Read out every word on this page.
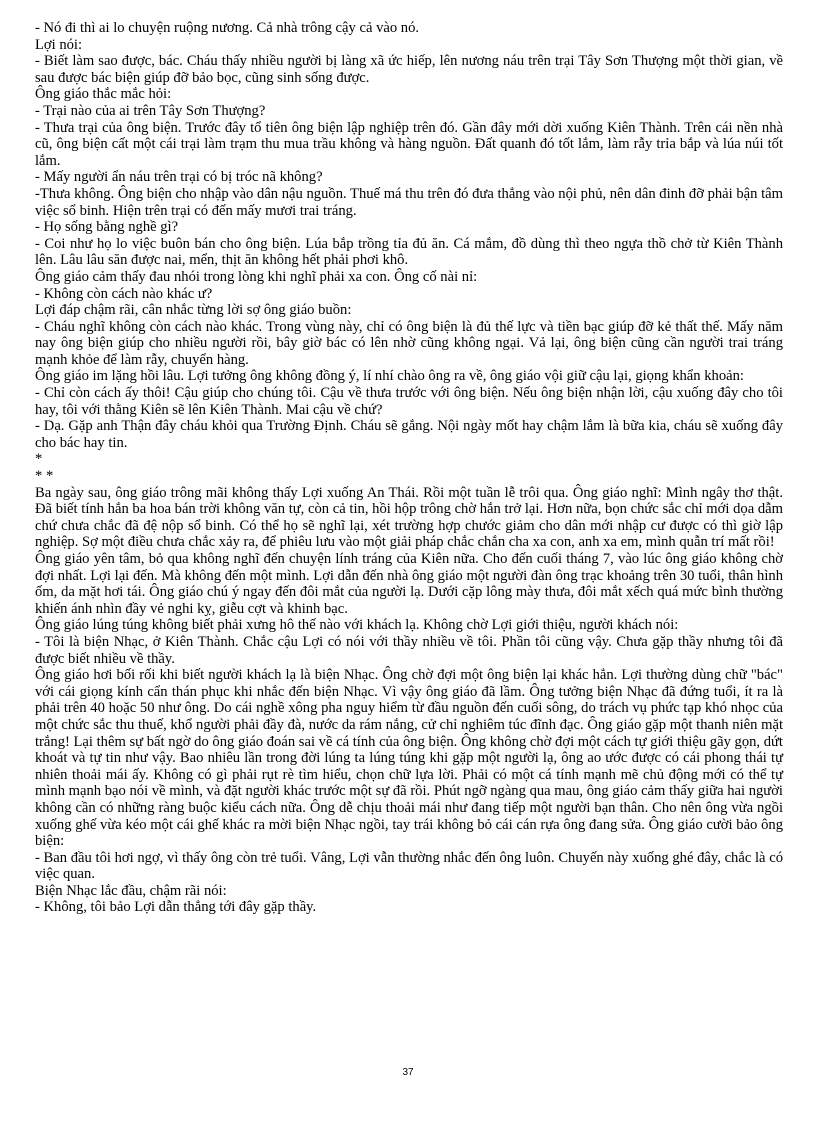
- Nó đi thì ai lo chuyện ruộng nương. Cả nhà trông cậy cả vào nó.

Lợi nói:

- Biết làm sao được, bác. Cháu thấy nhiều người bị làng xã ức hiếp, lên nương náu trên trại Tây Sơn Thượng một thời gian, về sau được bác biện giúp đỡ bảo bọc, cũng sinh sống được.

Ông giáo thắc mắc hỏi:

- Trại nào của ai trên Tây Sơn Thượng?

- Thưa trại của ông biện. Trước đây tổ tiên ông biện lập nghiệp trên đó. Gần đây mới dời xuống Kiên Thành. Trên cái nền nhà cũ, ông biện cất một cái trại làm trạm thu mua trầu không và hàng nguồn. Đất quanh đó tốt lắm, làm rẫy trỉa bắp và lúa núi tốt lắm.

- Mấy người ẩn náu trên trại có bị tróc nã không?

-Thưa không. Ông biện cho nhập vào dân nậu nguồn. Thuế má thu trên đó đưa thẳng vào nội phủ, nên dân đinh đỡ phải bận tâm việc sổ binh. Hiện trên trại có đến mấy mươi trai tráng.

- Họ sống bằng nghề gì?

- Coi như họ lo việc buôn bán cho ông biện. Lúa bắp trồng tỉa đủ ăn. Cá mắm, đồ dùng thì theo ngựa thồ chở từ Kiên Thành lên. Lâu lâu săn được nai, mển, thịt ăn không hết phải phơi khô.

Ông giáo cảm thấy đau nhói trong lòng khi nghĩ phải xa con. Ông cố nài nỉ:

- Không còn cách nào khác ư?

Lợi đáp chậm rãi, cân nhắc từng lời sợ ông giáo buồn:

- Cháu nghĩ không còn cách nào khác. Trong vùng này, chỉ có ông biện là đủ thế lực và tiền bạc giúp đỡ kẻ thất thế. Mấy năm nay ông biện giúp cho nhiều người rồi, bây giờ bác có lên nhờ cũng không ngại. Vả lại, ông biện cũng cần người trai tráng mạnh khỏe để làm rẫy, chuyển hàng.

Ông giáo im lặng hồi lâu. Lợi tưởng ông không đồng ý, lí nhí chào ông ra về, ông giáo vội giữ cậu lại, giọng khẩn khoản:

- Chỉ còn cách ấy thôi! Cậu giúp cho chúng tôi. Cậu về thưa trước với ông biện. Nếu ông biện nhận lời, cậu xuống đây cho tôi hay, tôi với thằng Kiên sẽ lên Kiên Thành. Mai cậu về chứ?

- Dạ. Gặp anh Thận đây cháu khỏi qua Trường Định. Cháu sẽ gắng. Nội ngày mốt hay chậm lắm là bữa kia, cháu sẽ xuống đây cho bác hay tin.

*

* *

Ba ngày sau, ông giáo trông mãi không thấy Lợi xuống An Thái. Rồi một tuần lễ trôi qua. Ông giáo nghĩ: Mình ngây thơ thật. Đã biết tính hắn ba hoa bán trời không văn tự, còn cả tin, hồi hộp trông chờ hắn trở lại. Hơn nữa, bọn chức sắc chỉ mới dọa dẫm chứ chưa chắc đã đệ nộp sổ binh. Có thể họ sẽ nghĩ lại, xét trường hợp chước giảm cho dân mới nhập cư được có thì giờ lập nghiệp. Sợ một điều chưa chắc xảy ra, để phiêu lưu vào một giải pháp chắc chắn cha xa con, anh xa em, mình quẫn trí mất rồi!

Ông giáo yên tâm, bỏ qua không nghĩ đến chuyện lính tráng của Kiên nữa. Cho đến cuối tháng 7, vào lúc ông giáo không chờ đợi nhất. Lợi lại đến. Mà không đến một mình. Lợi dẫn đến nhà ông giáo một người đàn ông trạc khoảng trên 30 tuổi, thân hình ốm, da mặt hơi tái. Ông giáo chú ý ngay đến đôi mắt của người lạ. Dưới cặp lông mày thưa, đôi mắt xếch quá mức bình thường khiến ánh nhìn đầy vẻ nghi kỵ, giễu cợt và khinh bạc.

Ông giáo lúng túng không biết phải xưng hô thế nào với khách lạ. Không chờ Lợi giới thiệu, người khách nói:

- Tôi là biện Nhạc, ở Kiên Thành. Chắc cậu Lợi có nói với thầy nhiều về tôi. Phần tôi cũng vậy. Chưa gặp thầy nhưng tôi đã được biết nhiều về thầy.

Ông giáo hơi bối rối khi biết người khách lạ là biện Nhạc. Ông chờ đợi một ông biện lại khác hẳn. Lợi thường dùng chữ "bác" với cái giọng kính cẩn thán phục khi nhắc đến biện Nhạc. Vì vậy ông giáo đã lầm. Ông tưởng biện Nhạc đã đứng tuổi, ít ra là phải trên 40 hoặc 50 như ông. Do cái nghề xông pha nguy hiểm từ đầu nguồn đến cuối sông, do trách vụ phức tạp khó nhọc của một chức sắc thu thuế, khổ người phải đầy đà, nước da rám nắng, cử chỉ nghiêm túc đĩnh đạc. Ông giáo gặp một thanh niên mặt trắng! Lại thêm sự bất ngờ do ông giáo đoán sai về cá tính của ông biện. Ông không chờ đợi một cách tự giới thiệu gãy gọn, dứt khoát và tự tin như vậy. Bao nhiêu lần trong đời lúng ta lúng túng khi gặp một người lạ, ông ao ước được có cái phong thái tự nhiên thoải mái ấy. Không có gì phải rụt rè tìm hiểu, chọn chữ lựa lời. Phải có một cá tính mạnh mẽ chủ động mới có thể tự mình mạnh bạo nói về mình, và đặt người khác trước một sự đã rồi. Phút ngỡ ngàng qua mau, ông giáo cảm thấy giữa hai người không cần có những ràng buộc kiểu cách nữa. Ông dễ chịu thoải mái như đang tiếp một người bạn thân. Cho nên ông vừa ngồi xuống ghế vừa kéo một cái ghế khác ra mời biện Nhạc ngồi, tay trái không bỏ cái cán rựa ông đang sửa. Ông giáo cười bảo ông biện:

- Ban đầu tôi hơi ngợ, vì thấy ông còn trẻ tuổi. Vâng, Lợi vẫn thường nhắc đến ông luôn. Chuyến này xuống ghé đây, chắc là có việc quan.

Biện Nhạc lắc đầu, chậm rãi nói:

- Không, tôi bảo Lợi dẫn thẳng tới đây gặp thầy.

37
